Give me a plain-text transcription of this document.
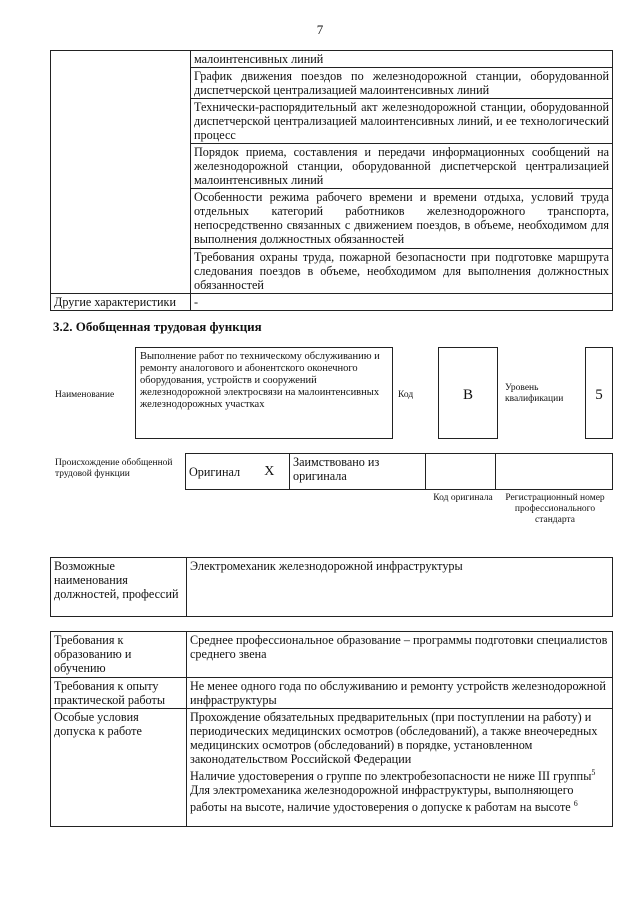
7
	малоинтенсивных линий
	График движения поездов по железнодорожной станции, оборудованной диспетчерской централизацией малоинтенсивных линий
	Технически-распорядительный акт железнодорожной станции, оборудованной диспетчерской централизацией малоинтенсивных линий, и ее технологический процесс
	Порядок приема, составления и передачи информационных сообщений на железнодорожной станции, оборудованной диспетчерской централизацией малоинтенсивных линий
	Особенности режима рабочего времени и времени отдыха, условий труда отдельных категорий работников железнодорожного транспорта, непосредственно связанных с движением поездов, в объеме, необходимом для выполнения должностных обязанностей
	Требования охраны труда, пожарной безопасности при подготовке маршрута следования поездов в объеме, необходимом для выполнения должностных обязанностей
Другие характеристики	-
3.2. Обобщенная трудовая функция
Наименование
Выполнение работ по техническому обслуживанию и ремонту аналогового и абонентского оконечного оборудования, устройств и сооружений железнодорожной электросвязи на малоинтенсивных железнодорожных участках
Код	B	Уровень квалификации	5
Происхождение обобщенной трудовой функции	Оригинал	X	Заимствовано из оригинала		
Код оригинала	Регистрационный номер профессионального стандарта
Возможные наименования должностей, профессий	Электромеханик железнодорожной инфраструктуры
Требования к образованию и обучению	Среднее профессиональное образование – программы подготовки специалистов среднего звена
Требования к опыту практической работы	Не менее одного года по обслуживанию и ремонту устройств железнодорожной инфраструктуры
Особые условия допуска к работе	Прохождение обязательных предварительных (при поступлении на работу) и периодических медицинских осмотров (обследований), а также внеочередных медицинских осмотров (обследований) в порядке, установленном законодательством Российской Федерации
Наличие удостоверения о группе по электробезопасности не ниже III группы$^5$
Для электромеханика железнодорожной инфраструктуры, выполняющего работы на высоте, наличие удостоверения о допуске к работам на высоте $^6$
